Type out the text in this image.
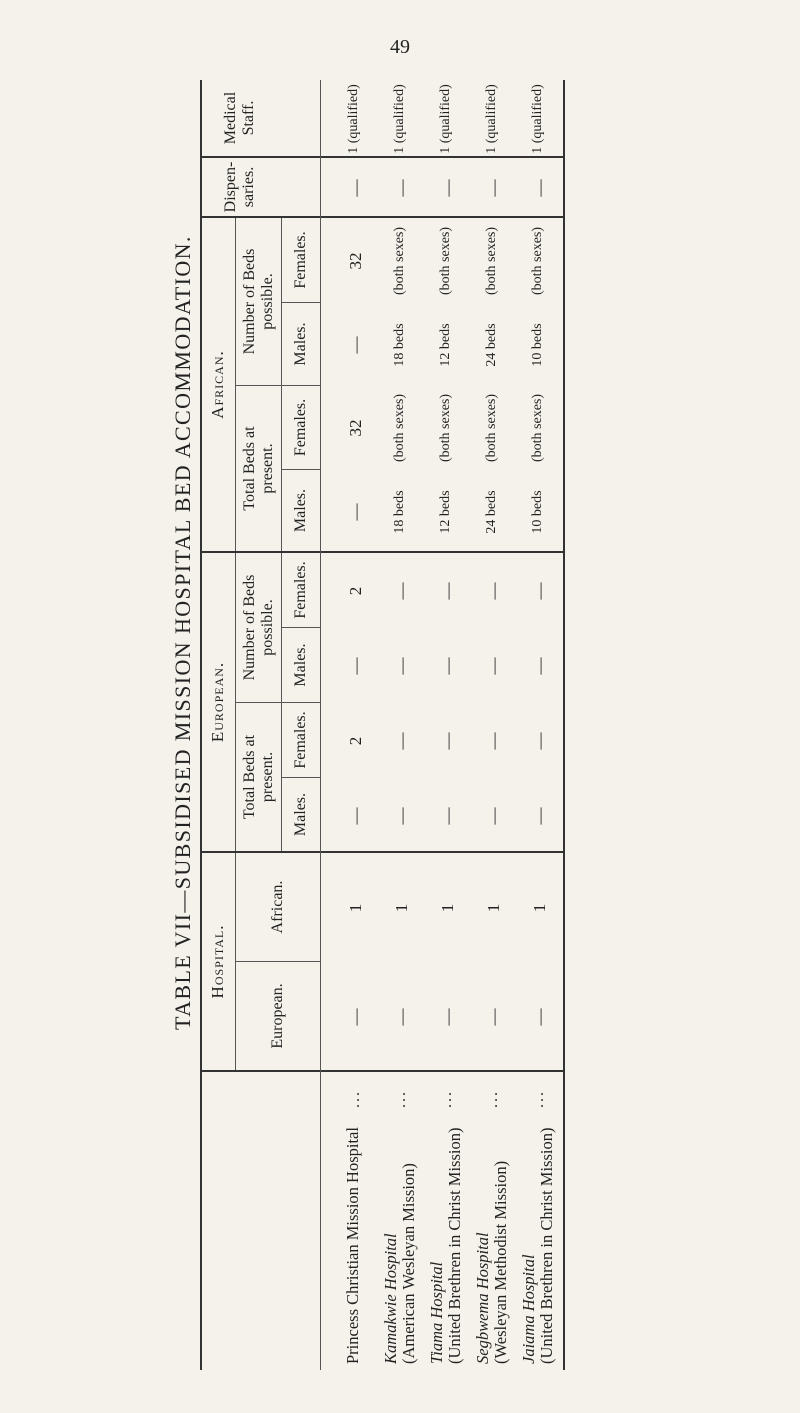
49
TABLE VII—SUBSIDISED MISSION HOSPITAL BED ACCOMMODATION. Hospital.
European.
African.
European.
African.
Total Beds at present.
Number of Beds possible.
Total Beds at present.
Number of Beds possible.
Males.
Females.
Males.
Females.
Males.
Females.
Males.
Females.
Dispen-saries.
Medical Staff.
Princess Christian Mission Hospital
...
—
1
—
2
—
2
—
32
—
32
—
1 (qualified)
Kamakwie Hospital (American Wesleyan Mission)
...
—
1
—
—
—
—
18 beds
(both sexes)
18 beds
(both sexes)
—
1 (qualified)
Tiama Hospital (United Brethren in Christ Mission)
...
—
1
—
—
—
—
12 beds
(both sexes)
12 beds
(both sexes)
—
1 (qualified)
Segbwema Hospital (Wesleyan Methodist Mission)
...
—
1
—
—
—
—
24 beds
(both sexes)
24 beds
(both sexes)
—
1 (qualified)
Jaiama Hospital (United Brethren in Christ Mission)
...
—
1
—
—
—
—
10 beds
(both sexes)
10 beds
(both sexes)
—
1 (qualified)
